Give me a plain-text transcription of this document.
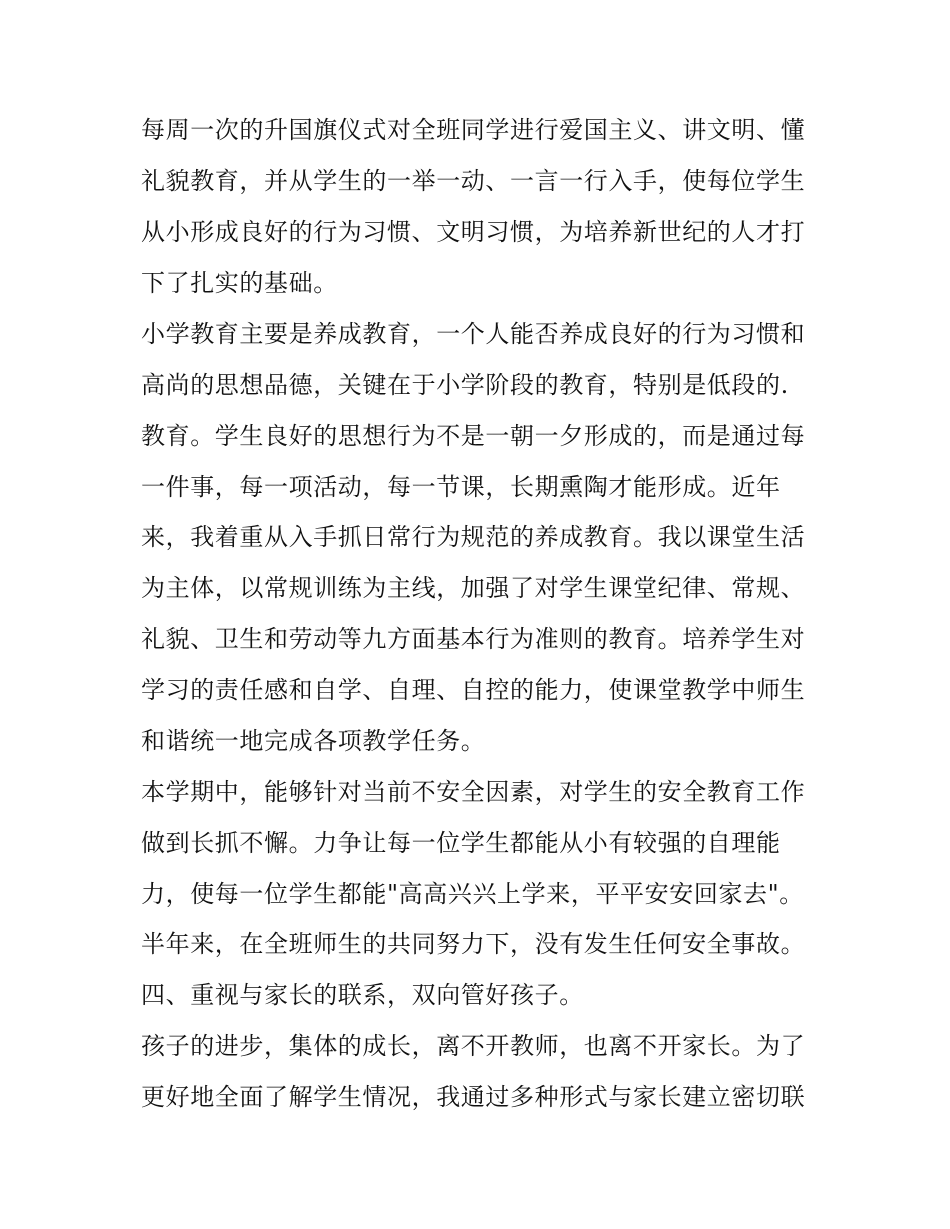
每周一次的升国旗仪式对全班同学进行爱国主义、讲文明、懂

礼貌教育，并从学生的一举一动、一言一行入手，使每位学生

从小形成良好的行为习惯、文明习惯，为培养新世纪的人才打

下了扎实的基础。

小学教育主要是养成教育，一个人能否养成良好的行为习惯和

高尚的思想品德，关键在于小学阶段的教育，特别是低段的.

教育。学生良好的思想行为不是一朝一夕形成的，而是通过每

一件事，每一项活动，每一节课，长期熏陶才能形成。近年

来，我着重从入手抓日常行为规范的养成教育。我以课堂生活

为主体，以常规训练为主线，加强了对学生课堂纪律、常规、

礼貌、卫生和劳动等九方面基本行为准则的教育。培养学生对

学习的责任感和自学、自理、自控的能力，使课堂教学中师生

和谐统一地完成各项教学任务。

本学期中，能够针对当前不安全因素，对学生的安全教育工作

做到长抓不懈。力争让每一位学生都能从小有较强的自理能

力，使每一位学生都能"高高兴兴上学来，平平安安回家去"。

半年来，在全班师生的共同努力下，没有发生任何安全事故。

四、重视与家长的联系，双向管好孩子。

孩子的进步，集体的成长，离不开教师，也离不开家长。为了

更好地全面了解学生情况，我通过多种形式与家长建立密切联
